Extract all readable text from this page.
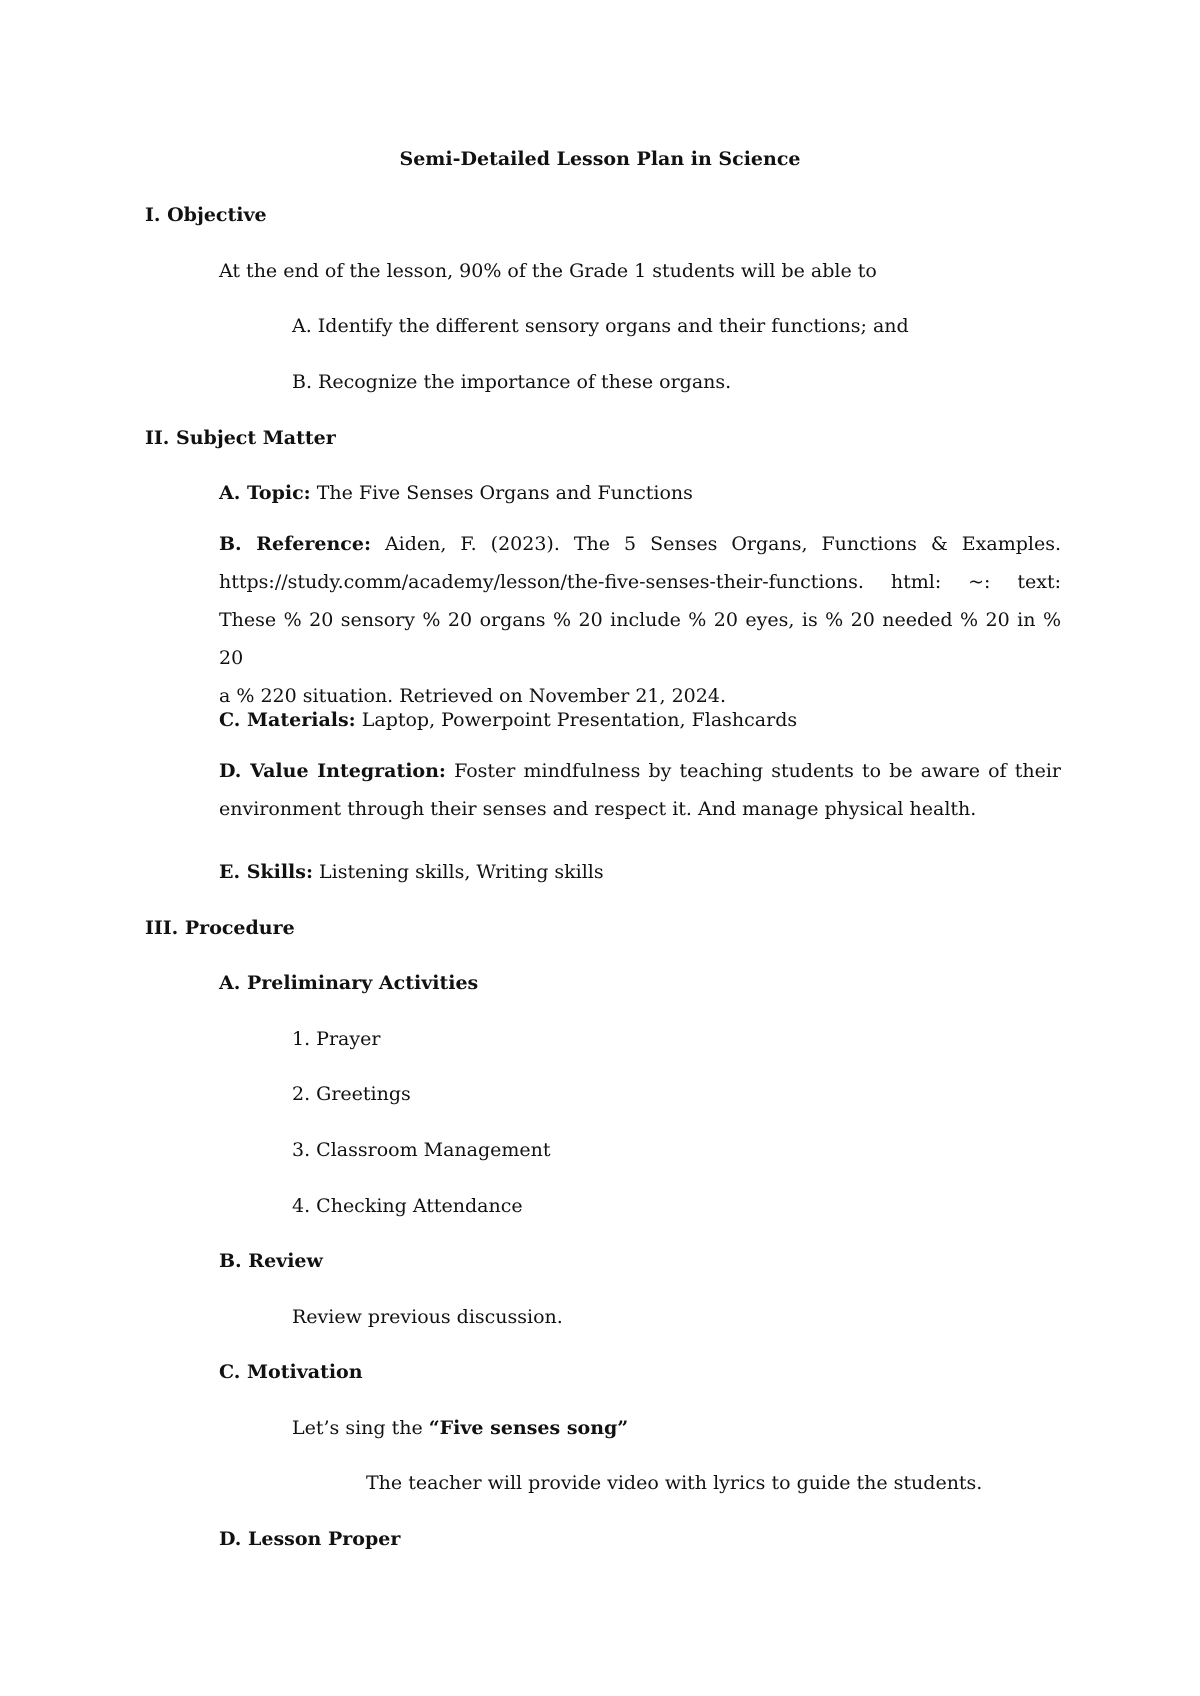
Semi-Detailed Lesson Plan in Science
I. Objective
At the end of the lesson, 90% of the Grade 1 students will be able to
A. Identify the different sensory organs and their functions; and
B. Recognize the importance of these organs.
II. Subject Matter
A. Topic: The Five Senses Organs and Functions
B. Reference: Aiden, F. (2023). The 5 Senses Organs, Functions & Examples.
https://study.comm/academy/lesson/the-five-senses-their-functions. html: ~: text:
These % 20 sensory % 20 organs % 20 include % 20 eyes, is % 20 needed % 20 in % 20
a % 220 situation. Retrieved on November 21, 2024.
C. Materials: Laptop, Powerpoint Presentation, Flashcards
D. Value Integration: Foster mindfulness by teaching students to be aware of their
environment through their senses and respect it. And manage physical health.
E. Skills: Listening skills, Writing skills
III. Procedure
A. Preliminary Activities
1. Prayer
2. Greetings
3. Classroom Management
4. Checking Attendance
B. Review
Review previous discussion.
C. Motivation
Let’s sing the “Five senses song”
The teacher will provide video with lyrics to guide the students.
D. Lesson Proper
